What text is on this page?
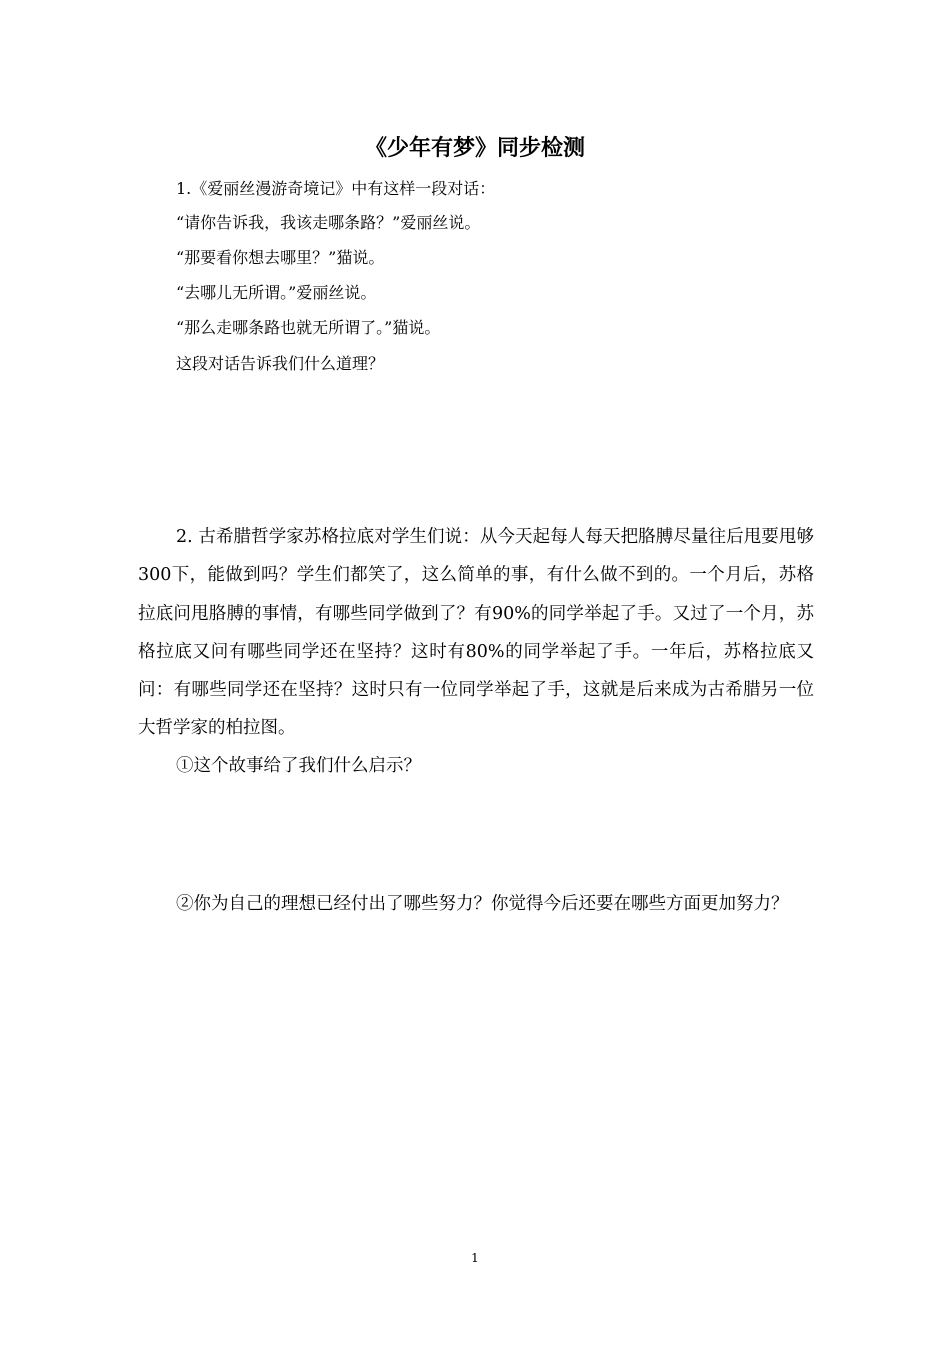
《少年有梦》同步检测
1.《爱丽丝漫游奇境记》中有这样一段对话：
“请你告诉我，我该走哪条路？”爱丽丝说。
“那要看你想去哪里？”猫说。
“去哪儿无所谓。”爱丽丝说。
“那么走哪条路也就无所谓了。”猫说。
这段对话告诉我们什么道理？
2. 古希腊哲学家苏格拉底对学生们说：从今天起每人每天把胳膊尽量往后甩要甩够300下，能做到吗？学生们都笑了，这么简单的事，有什么做不到的。一个月后，苏格拉底问甩胳膊的事情，有哪些同学做到了？有90%的同学举起了手。又过了一个月，苏格拉底又问有哪些同学还在坚持？这时有80%的同学举起了手。一年后，苏格拉底又问：有哪些同学还在坚持？这时只有一位同学举起了手，这就是后来成为古希腊另一位大哲学家的柏拉图。
①这个故事给了我们什么启示？
②你为自己的理想已经付出了哪些努力？你觉得今后还要在哪些方面更加努力？
1
